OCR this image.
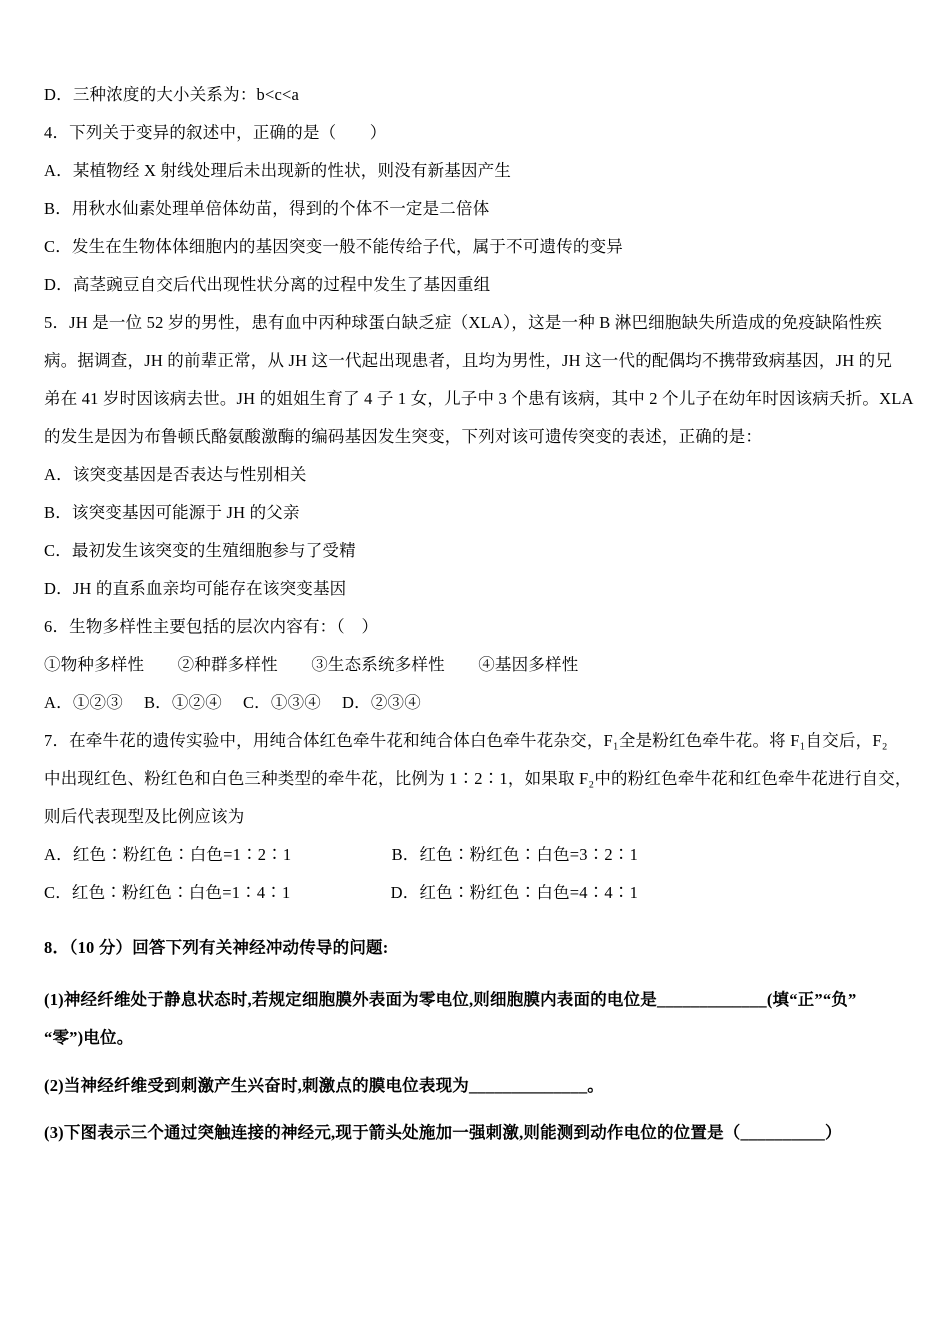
D．三种浓度的大小关系为：b<c<a

4．下列关于变异的叙述中，正确的是（　　）

A．某植物经 X 射线处理后未出现新的性状，则没有新基因产生

B．用秋水仙素处理单倍体幼苗，得到的个体不一定是二倍体

C．发生在生物体体细胞内的基因突变一般不能传给子代，属于不可遗传的变异

D．高茎豌豆自交后代出现性状分离的过程中发生了基因重组

5．JH 是一位 52 岁的男性，患有血中丙种球蛋白缺乏症（XLA），这是一种 B 淋巴细胞缺失所造成的免疫缺陷性疾

病。据调查，JH 的前辈正常，从 JH 这一代起出现患者，且均为男性，JH 这一代的配偶均不携带致病基因，JH 的兄

弟在 41 岁时因该病去世。JH 的姐姐生育了 4 子 1 女，儿子中 3 个患有该病，其中 2 个儿子在幼年时因该病夭折。XLA

的发生是因为布鲁顿氏酪氨酸激酶的编码基因发生突变，下列对该可遗传突变的表述，正确的是：

A．该突变基因是否表达与性别相关

B．该突变基因可能源于 JH 的父亲

C．最初发生该突变的生殖细胞参与了受精

D．JH 的直系血亲均可能存在该突变基因

6．生物多样性主要包括的层次内容有：（　）

①物种多样性　　②种群多样性　　③生态系统多样性　　④基因多样性

A．①②③　 B．①②④　 C．①③④　 D．②③④

7．在牵牛花的遗传实验中，用纯合体红色牵牛花和纯合体白色牵牛花杂交，F₁全是粉红色牵牛花。将 F₁自交后，F₂

中出现红色、粉红色和白色三种类型的牵牛花，比例为 1∶2∶1，如果取 F₂中的粉红色牵牛花和红色牵牛花进行自交，

则后代表现型及比例应该为

A．红色∶粉红色∶白色=1∶2∶1　　　　　　B．红色∶粉红色∶白色=3∶2∶1

C．红色∶粉红色∶白色=1∶4∶1　　　　　　D．红色∶粉红色∶白色=4∶4∶1

8．（10 分）回答下列有关神经冲动传导的问题:

(1)神经纤维处于静息状态时,若规定细胞膜外表面为零电位,则细胞膜内表面的电位是_____________(填“正”“负”

“零”)电位。

(2)当神经纤维受到刺激产生兴奋时,刺激点的膜电位表现为______________。

(3)下图表示三个通过突触连接的神经元,现于箭头处施加一强刺激,则能测到动作电位的位置是（__________）
